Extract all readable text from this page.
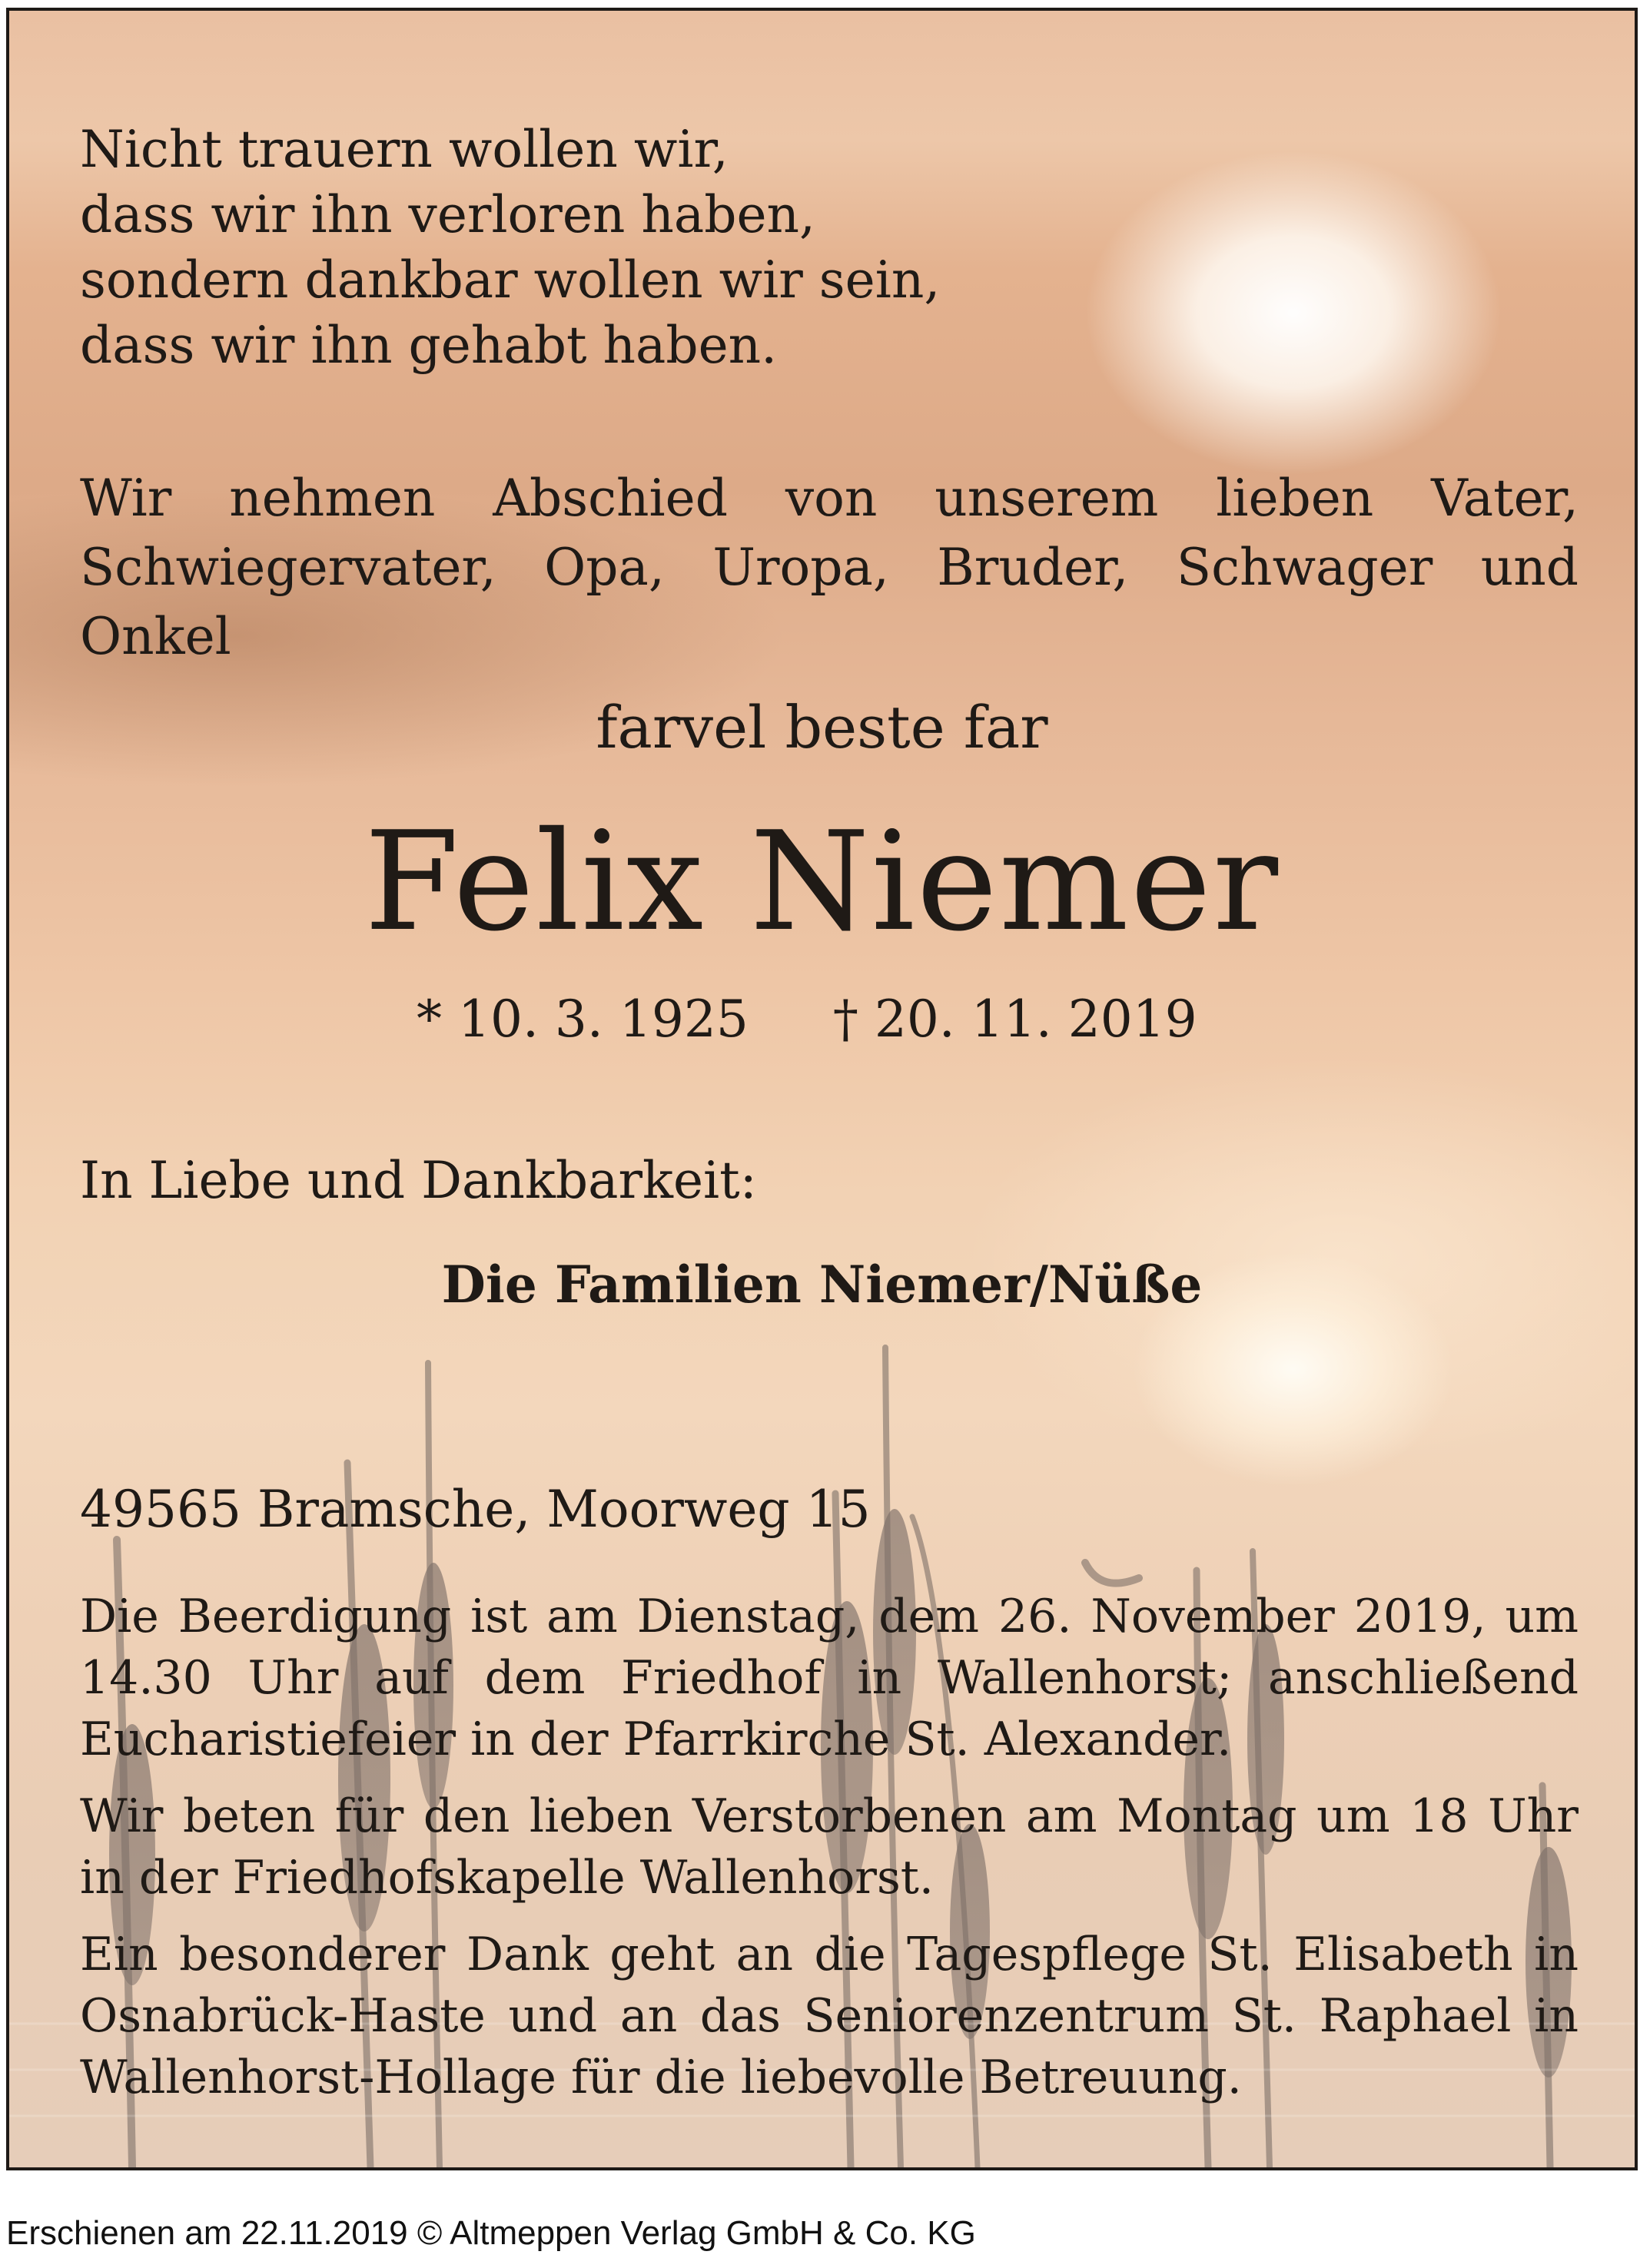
Nicht trauern wollen wir,
dass wir ihn verloren haben,
sondern dankbar wollen wir sein,
dass wir ihn gehabt haben.
Wir nehmen Abschied von unserem lieben Vater, Schwiegervater, Opa, Uropa, Bruder, Schwager und Onkel
farvel beste far
Felix Niemer
* 10. 3. 1925 † 20. 11. 2019
In Liebe und Dankbarkeit:
Die Familien Niemer/Nüße
49565 Bramsche, Moorweg 15
Die Beerdigung ist am Dienstag, dem 26. November 2019, um 14.30 Uhr auf dem Friedhof in Wallenhorst; anschließend Eucharistiefeier in der Pfarrkirche St. Alexander.
Wir beten für den lieben Verstorbenen am Montag um 18 Uhr in der Friedhofskapelle Wallenhorst.
Ein besonderer Dank geht an die Tagespflege St. Elisabeth in Osnabrück-Haste und an das Seniorenzentrum St. Raphael in Wallenhorst-Hollage für die liebevolle Betreuung.
Erschienen am 22.11.2019 © Altmeppen Verlag GmbH & Co. KG
